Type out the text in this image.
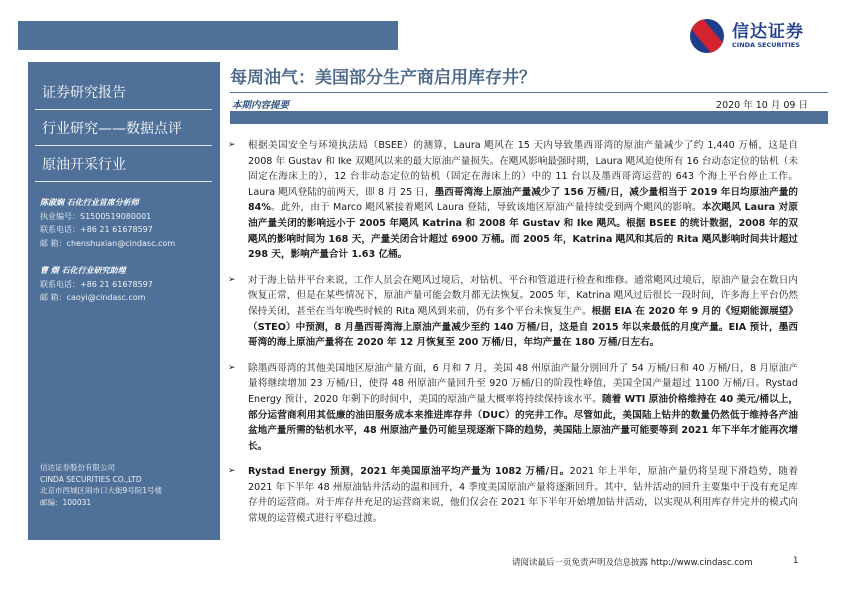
信达证券
CINDA SECURITIES
证券研究报告
行业研究——数据点评
原油开采行业
陈淑娴 石化行业首席分析师
执业编号：S1500519080001
联系电话：+86 21 61678597
邮 箱：chenshuxian@cindasc.com
曹 熠 石化行业研究助理
联系电话：+86 21 61678597
邮 箱：caoyi@cindasc.com
信达证券股份有限公司
CINDA SECURITIES CO.,LTD
北京市西城区闹市口大街9号院1号楼
邮编：100031
每周油气：美国部分生产商启用库存井？
本期内容提要	2020 年 10 月 09 日
➢ 根据美国安全与环境执法局（BSEE）的测算，Laura 飓风在 15 天内导致墨西哥湾的原油产量减少了约 1,440 万桶，这是自 2008 年 Gustav 和 Ike 双飓风以来的最大原油产量损失。在飓风影响最强时期，Laura 飓风迫使所有 16 台动态定位的钻机（未固定在海床上的），12 台非动态定位的钻机（固定在海床上的）中的 11 台以及墨西哥湾运营的 643 个海上平台停止工作。Laura 飓风登陆的前两天，即 8 月 25 日，墨西哥湾海上原油产量减少了 156 万桶/日，减少量相当于 2019 年日均原油产量的 84%。此外，由于 Marco 飓风紧接着飓风 Laura 登陆，导致该地区原油产量持续受到两个飓风的影响。本次飓风 Laura 对原油产量关闭的影响远小于 2005 年飓风 Katrina 和 2008 年 Gustav 和 Ike 飓风。根据 BSEE 的统计数据，2008 年的双飓风的影响时间为 168 天，产量关闭合计超过 6900 万桶。而 2005 年，Katrina 飓风和其后的 Rita 飓风影响时间共计超过 298 天，影响产量合计 1.63 亿桶。
➢ 对于海上钻井平台来说，工作人员会在飓风过境后，对钻机、平台和管道进行检查和维修。通常飓风过境后，原油产量会在数日内恢复正常，但是在某些情况下，原油产量可能会数月都无法恢复。2005 年，Katrina 飓风过后很长一段时间，许多海上平台仍然保持关闭，甚至在当年晚些时候的 Rita 飓风到来前，仍有多个平台未恢复生产。根据 EIA 在 2020 年 9 月的《短期能源展望》（STEO）中预测，8 月墨西哥湾海上原油产量减少至约 140 万桶/日，这是自 2015 年以来最低的月度产量。EIA 预计，墨西哥湾的海上原油产量将在 2020 年 12 月恢复至 200 万桶/日，年均产量在 180 万桶/日左右。
➢ 除墨西哥湾的其他美国地区原油产量方面，6 月和 7 月，美国 48 州原油产量分别回升了 54 万桶/日和 40 万桶/日，8 月原油产量将继续增加 23 万桶/日，使得 48 州原油产量回升至 920 万桶/日的阶段性峰值，美国全国产量超过 1100 万桶/日。Rystad Energy 预计，2020 年剩下的时间中，美国的原油产量大概率将持续保持该水平。随着 WTI 原油价格维持在 40 美元/桶以上，部分运营商利用其低廉的油田服务成本来推进库存井（DUC）的完井工作。尽管如此，美国陆上钻井的数量仍然低于维持各产油盆地产量所需的钻机水平，48 州原油产量仍可能呈现逐渐下降的趋势，美国陆上原油产量可能要等到 2021 年下半年才能再次增长。
➢ Rystad Energy 预测，2021 年美国原油平均产量为 1082 万桶/日。2021 年上半年，原油产量仍将呈现下滑趋势，随着 2021 年下半年 48 州原油钻井活动的温和回升，4 季度美国原油产量将逐渐回升。其中，钻井活动的回升主要集中于没有充足库存井的运营商。对于库存井充足的运营商来说，他们仅会在 2021 年下半年开始增加钻井活动，以实现从利用库存井完井的模式向常规的运营模式进行平稳过渡。
请阅读最后一页免责声明及信息披露 http://www.cindasc.com	1
